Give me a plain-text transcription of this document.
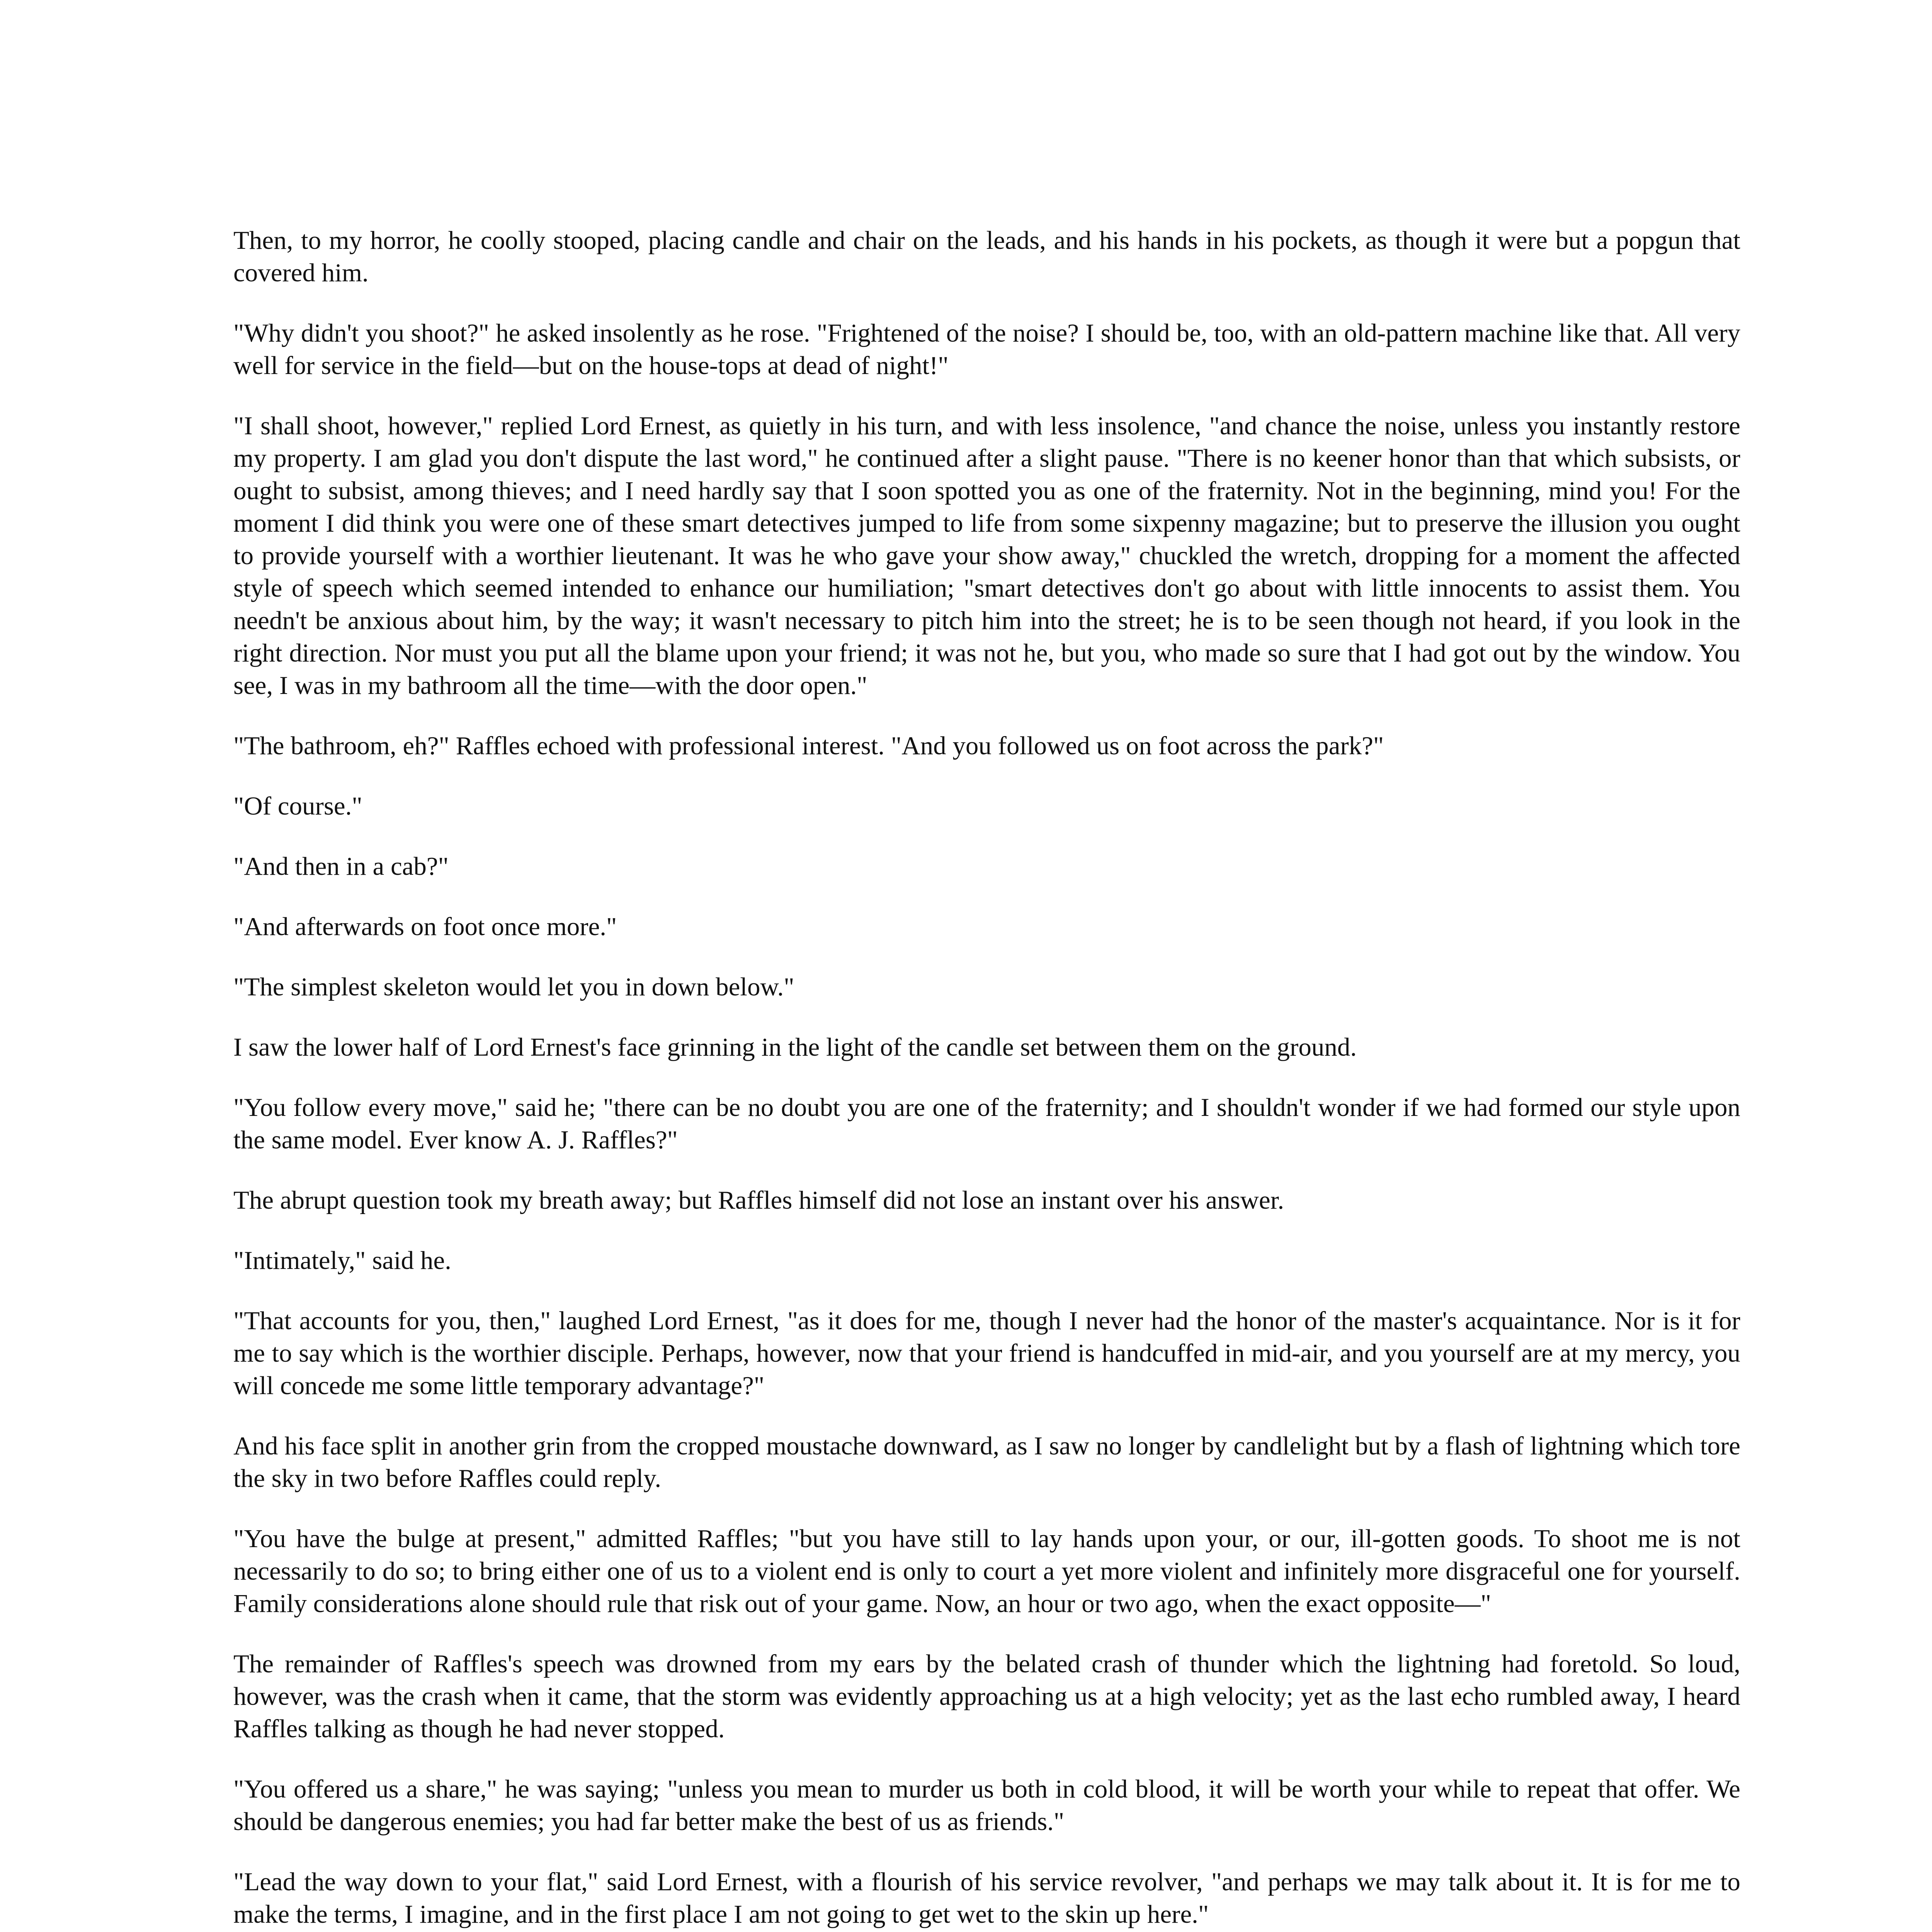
Then, to my horror, he coolly stooped, placing candle and chair on the leads, and his hands in his pockets, as though it were but a popgun that covered him.

"Why didn't you shoot?" he asked insolently as he rose. "Frightened of the noise? I should be, too, with an old-pattern machine like that. All very well for service in the field—but on the house-tops at dead of night!"

"I shall shoot, however," replied Lord Ernest, as quietly in his turn, and with less insolence, "and chance the noise, unless you instantly restore my property. I am glad you don't dispute the last word," he continued after a slight pause. "There is no keener honor than that which subsists, or ought to subsist, among thieves; and I need hardly say that I soon spotted you as one of the fraternity. Not in the beginning, mind you! For the moment I did think you were one of these smart detectives jumped to life from some sixpenny magazine; but to preserve the illusion you ought to provide yourself with a worthier lieutenant. It was he who gave your show away," chuckled the wretch, dropping for a moment the affected style of speech which seemed intended to enhance our humiliation; "smart detectives don't go about with little innocents to assist them. You needn't be anxious about him, by the way; it wasn't necessary to pitch him into the street; he is to be seen though not heard, if you look in the right direction. Nor must you put all the blame upon your friend; it was not he, but you, who made so sure that I had got out by the window. You see, I was in my bathroom all the time—with the door open."

"The bathroom, eh?" Raffles echoed with professional interest. "And you followed us on foot across the park?"

"Of course."

"And then in a cab?"

"And afterwards on foot once more."

"The simplest skeleton would let you in down below."

I saw the lower half of Lord Ernest's face grinning in the light of the candle set between them on the ground.

"You follow every move," said he; "there can be no doubt you are one of the fraternity; and I shouldn't wonder if we had formed our style upon the same model. Ever know A. J. Raffles?"

The abrupt question took my breath away; but Raffles himself did not lose an instant over his answer.

"Intimately," said he.

"That accounts for you, then," laughed Lord Ernest, "as it does for me, though I never had the honor of the master's acquaintance. Nor is it for me to say which is the worthier disciple. Perhaps, however, now that your friend is handcuffed in mid-air, and you yourself are at my mercy, you will concede me some little temporary advantage?"

And his face split in another grin from the cropped moustache downward, as I saw no longer by candlelight but by a flash of lightning which tore the sky in two before Raffles could reply.

"You have the bulge at present," admitted Raffles; "but you have still to lay hands upon your, or our, ill-gotten goods. To shoot me is not necessarily to do so; to bring either one of us to a violent end is only to court a yet more violent and infinitely more disgraceful one for yourself. Family considerations alone should rule that risk out of your game. Now, an hour or two ago, when the exact opposite—"

The remainder of Raffles's speech was drowned from my ears by the belated crash of thunder which the lightning had foretold. So loud, however, was the crash when it came, that the storm was evidently approaching us at a high velocity; yet as the last echo rumbled away, I heard Raffles talking as though he had never stopped.

"You offered us a share," he was saying; "unless you mean to murder us both in cold blood, it will be worth your while to repeat that offer. We should be dangerous enemies; you had far better make the best of us as friends."

"Lead the way down to your flat," said Lord Ernest, with a flourish of his service revolver, "and perhaps we may talk about it. It is for me to make the terms, I imagine, and in the first place I am not going to get wet to the skin up here."
